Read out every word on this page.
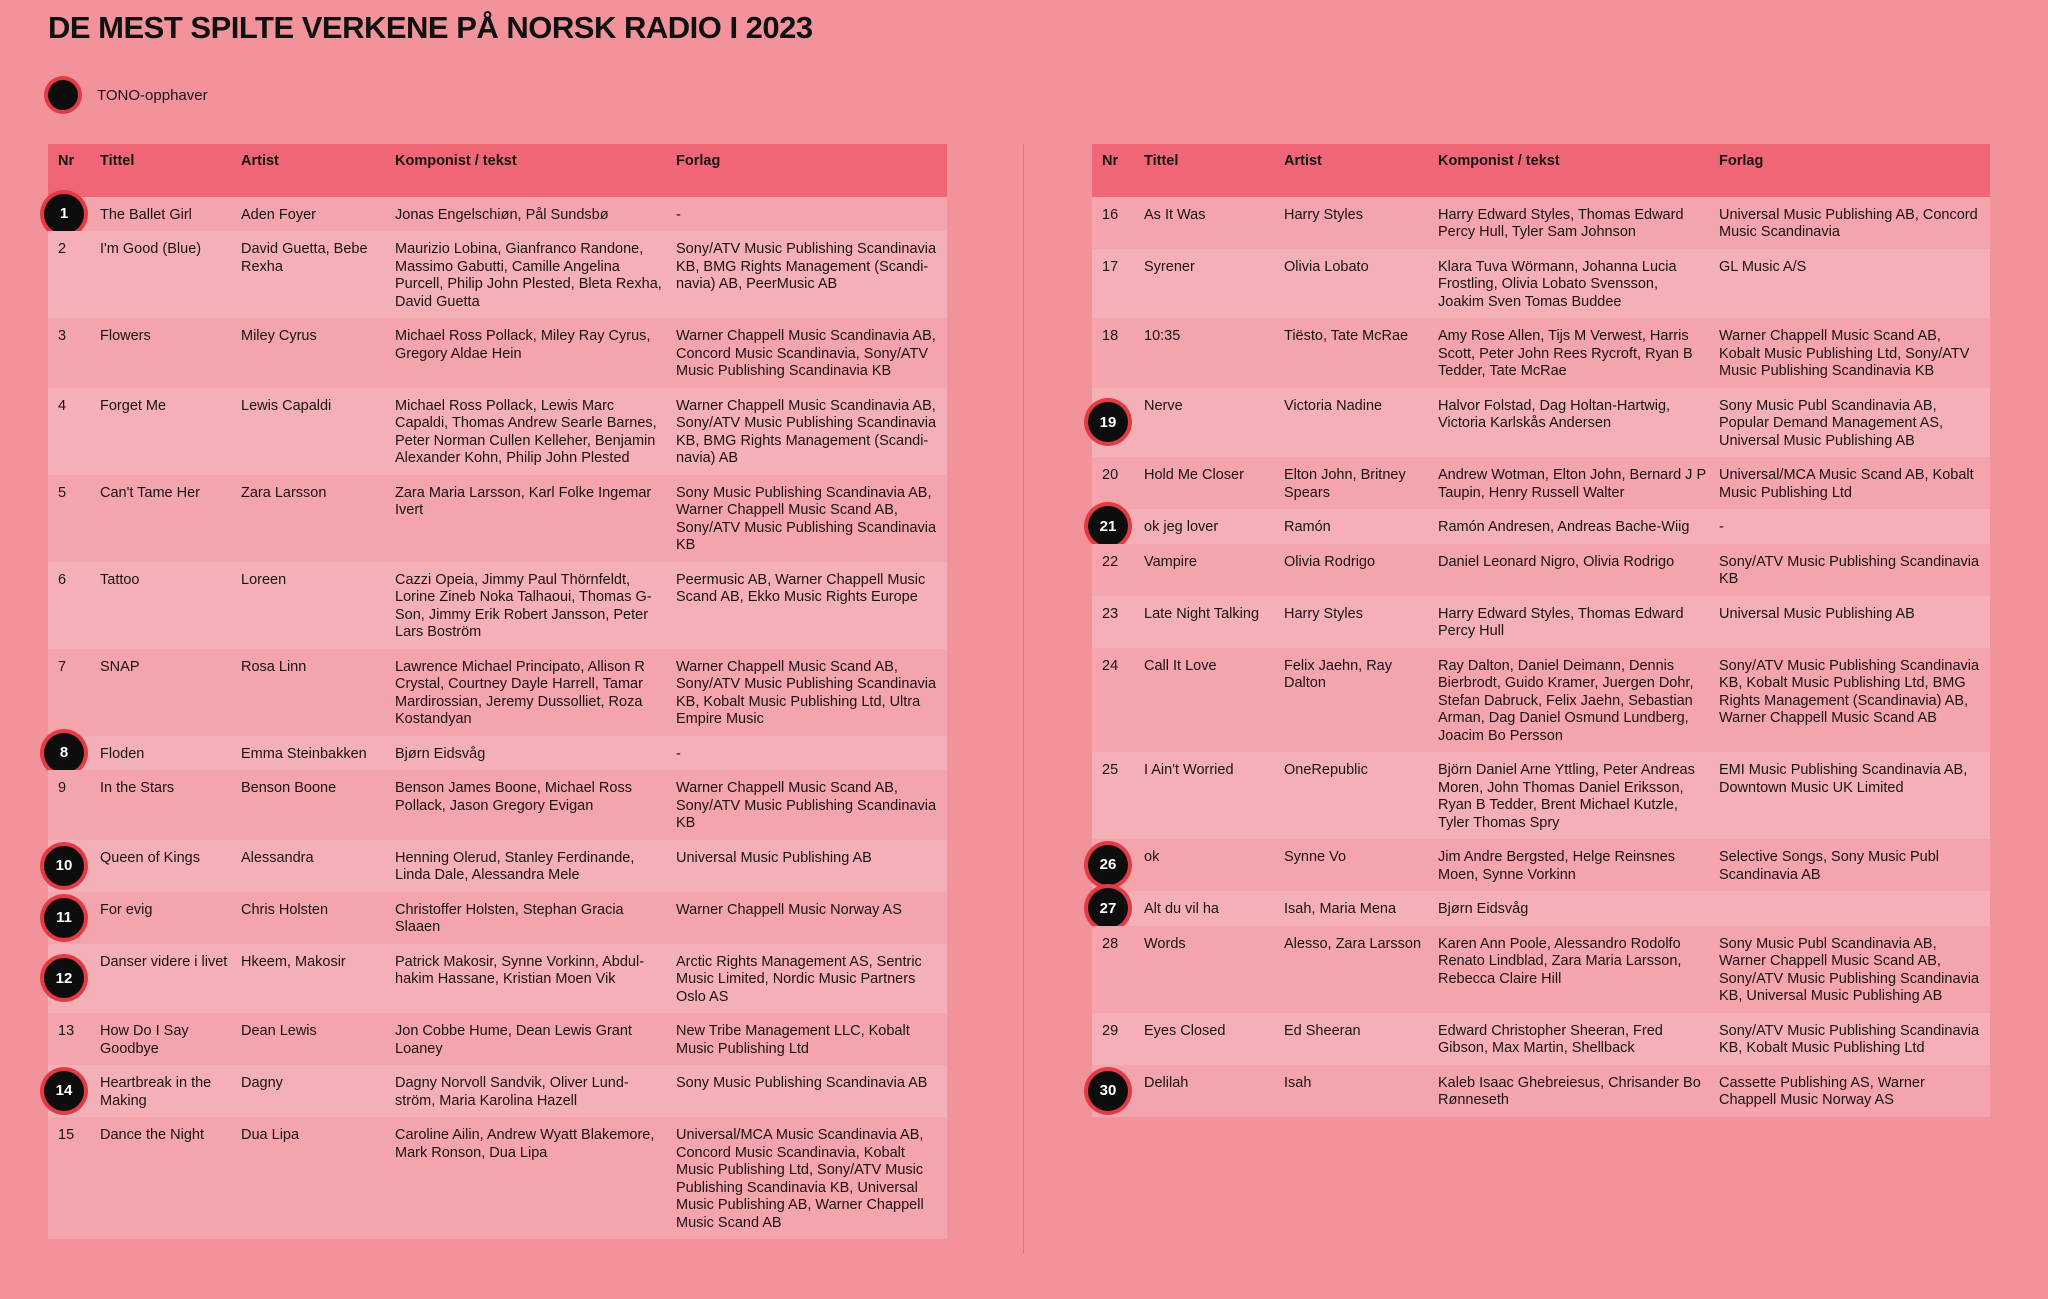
DE MEST SPILTE VERKENE PÅ NORSK RADIO I 2023
TONO-opphaver
Nr	Tittel	Artist	Komponist / tekst	Forlag

1	The Ballet Girl	Aden Foyer	Jonas Engelschiøn, Pål Sundsbø	-
2	I'm Good (Blue)	David Guetta, Bebe Rexha	Maurizio Lobina, Gianfranco Randone, Massimo Gabutti, Camille Angelina Purcell, Philip John Plested, Bleta Rexha, David Guetta	Sony/ATV Music Publishing Scandinavia KB, BMG Rights Management (Scandi-navia) AB, PeerMusic AB
3	Flowers	Miley Cyrus	Michael Ross Pollack, Miley Ray Cyrus, Gregory Aldae Hein	Warner Chappell Music Scandinavia AB, Concord Music Scandinavia, Sony/ATV Music Publishing Scandinavia KB
4	Forget Me	Lewis Capaldi	Michael Ross Pollack, Lewis Marc Capaldi, Thomas Andrew Searle Barnes, Peter Norman Cullen Kelleher, Benjamin Alexander Kohn, Philip John Plested	Warner Chappell Music Scandinavia AB, Sony/ATV Music Publishing Scandinavia KB, BMG Rights Management (Scandi-navia) AB
5	Can't Tame Her	Zara Larsson	Zara Maria Larsson, Karl Folke Ingemar Ivert	Sony Music Publishing Scandinavia AB, Warner Chappell Music Scand AB, Sony/ATV Music Publishing Scandinavia KB
6	Tattoo	Loreen	Cazzi Opeia, Jimmy Paul Thörnfeldt, Lorine Zineb Noka Talhaoui, Thomas G-Son, Jimmy Erik Robert Jansson, Peter Lars Boström	Peermusic AB, Warner Chappell Music Scand AB, Ekko Music Rights Europe
7	SNAP	Rosa Linn	Lawrence Michael Principato, Allison R Crystal, Courtney Dayle Harrell, Tamar Mardirossian, Jeremy Dussolliet, Roza Kostandyan	Warner Chappell Music Scand AB, Sony/ATV Music Publishing Scandinavia KB, Kobalt Music Publishing Ltd, Ultra Empire Music

8	Floden	Emma Steinbakken	Bjørn Eidsvåg	-
9	In the Stars	Benson Boone	Benson James Boone, Michael Ross Pollack, Jason Gregory Evigan	Warner Chappell Music Scand AB, Sony/ATV Music Publishing Scandinavia KB

10	Queen of Kings	Alessandra	Henning Olerud, Stanley Ferdinande, Linda Dale, Alessandra Mele	Universal Music Publishing AB

11	For evig	Chris Holsten	Christoffer Holsten, Stephan Gracia Slaaen	Warner Chappell Music Norway AS

12	Danser videre i livet	Hkeem, Makosir	Patrick Makosir, Synne Vorkinn, Abdul-hakim Hassane, Kristian Moen Vik	Arctic Rights Management AS, Sentric Music Limited, Nordic Music Partners Oslo AS
13	How Do I Say Goodbye	Dean Lewis	Jon Cobbe Hume, Dean Lewis Grant Loaney	New Tribe Management LLC, Kobalt Music Publishing Ltd

14	Heartbreak in the Making	Dagny	Dagny Norvoll Sandvik, Oliver Lund-ström, Maria Karolina Hazell	Sony Music Publishing Scandinavia AB
15	Dance the Night	Dua Lipa	Caroline Ailin, Andrew Wyatt Blakemore, Mark Ronson, Dua Lipa	Universal/MCA Music Scandinavia AB, Concord Music Scandinavia, Kobalt Music Publishing Ltd, Sony/ATV Music Publishing Scandinavia KB, Universal Music Publishing AB, Warner Chappell Music Scand AB
Nr	Tittel	Artist	Komponist / tekst	Forlag
16	As It Was	Harry Styles	Harry Edward Styles, Thomas Edward Percy Hull, Tyler Sam Johnson	Universal Music Publishing AB, Concord Music Scandinavia
17	Syrener	Olivia Lobato	Klara Tuva Wörmann, Johanna Lucia Frostling, Olivia Lobato Svensson, Joakim Sven Tomas Buddee	GL Music A/S
18	10:35	Tiësto, Tate McRae	Amy Rose Allen, Tijs M Verwest, Harris Scott, Peter John Rees Rycroft, Ryan B Tedder, Tate McRae	Warner Chappell Music Scand AB, Kobalt Music Publishing Ltd, Sony/ATV Music Publishing Scandinavia KB

19	Nerve	Victoria Nadine	Halvor Folstad, Dag Holtan-Hartwig, Victoria Karlskås Andersen	Sony Music Publ Scandinavia AB, Popular Demand Management AS, Universal Music Publishing AB
20	Hold Me Closer	Elton John, Britney Spears	Andrew Wotman, Elton John, Bernard J P Taupin, Henry Russell Walter	Universal/MCA Music Scand AB, Kobalt Music Publishing Ltd

21	ok jeg lover	Ramón	Ramón Andresen, Andreas Bache-Wiig	-
22	Vampire	Olivia Rodrigo	Daniel Leonard Nigro, Olivia Rodrigo	Sony/ATV Music Publishing Scandinavia KB
23	Late Night Talking	Harry Styles	Harry Edward Styles, Thomas Edward Percy Hull	Universal Music Publishing AB
24	Call It Love	Felix Jaehn, Ray Dalton	Ray Dalton, Daniel Deimann, Dennis Bierbrodt, Guido Kramer, Juergen Dohr, Stefan Dabruck, Felix Jaehn, Sebastian Arman, Dag Daniel Osmund Lundberg, Joacim Bo Persson	Sony/ATV Music Publishing Scandinavia KB, Kobalt Music Publishing Ltd, BMG Rights Management (Scandinavia) AB, Warner Chappell Music Scand AB
25	I Ain't Worried	OneRepublic	Björn Daniel Arne Yttling, Peter Andreas Moren, John Thomas Daniel Eriksson, Ryan B Tedder, Brent Michael Kutzle, Tyler Thomas Spry	EMI Music Publishing Scandinavia AB, Downtown Music UK Limited

26	ok	Synne Vo	Jim Andre Bergsted, Helge Reinsnes Moen, Synne Vorkinn	Selective Songs, Sony Music Publ Scandinavia AB

27	Alt du vil ha	Isah, Maria Mena	Bjørn Eidsvåg	
28	Words	Alesso, Zara Larsson	Karen Ann Poole, Alessandro Rodolfo Renato Lindblad, Zara Maria Larsson, Rebecca Claire Hill	Sony Music Publ Scandinavia AB, Warner Chappell Music Scand AB, Sony/ATV Music Publishing Scandinavia KB, Universal Music Publishing AB
29	Eyes Closed	Ed Sheeran	Edward Christopher Sheeran, Fred Gibson, Max Martin, Shellback	Sony/ATV Music Publishing Scandinavia KB, Kobalt Music Publishing Ltd

30	Delilah	Isah	Kaleb Isaac Ghebreiesus, Chrisander Bo Rønneseth	Cassette Publishing AS, Warner Chappell Music Norway AS
